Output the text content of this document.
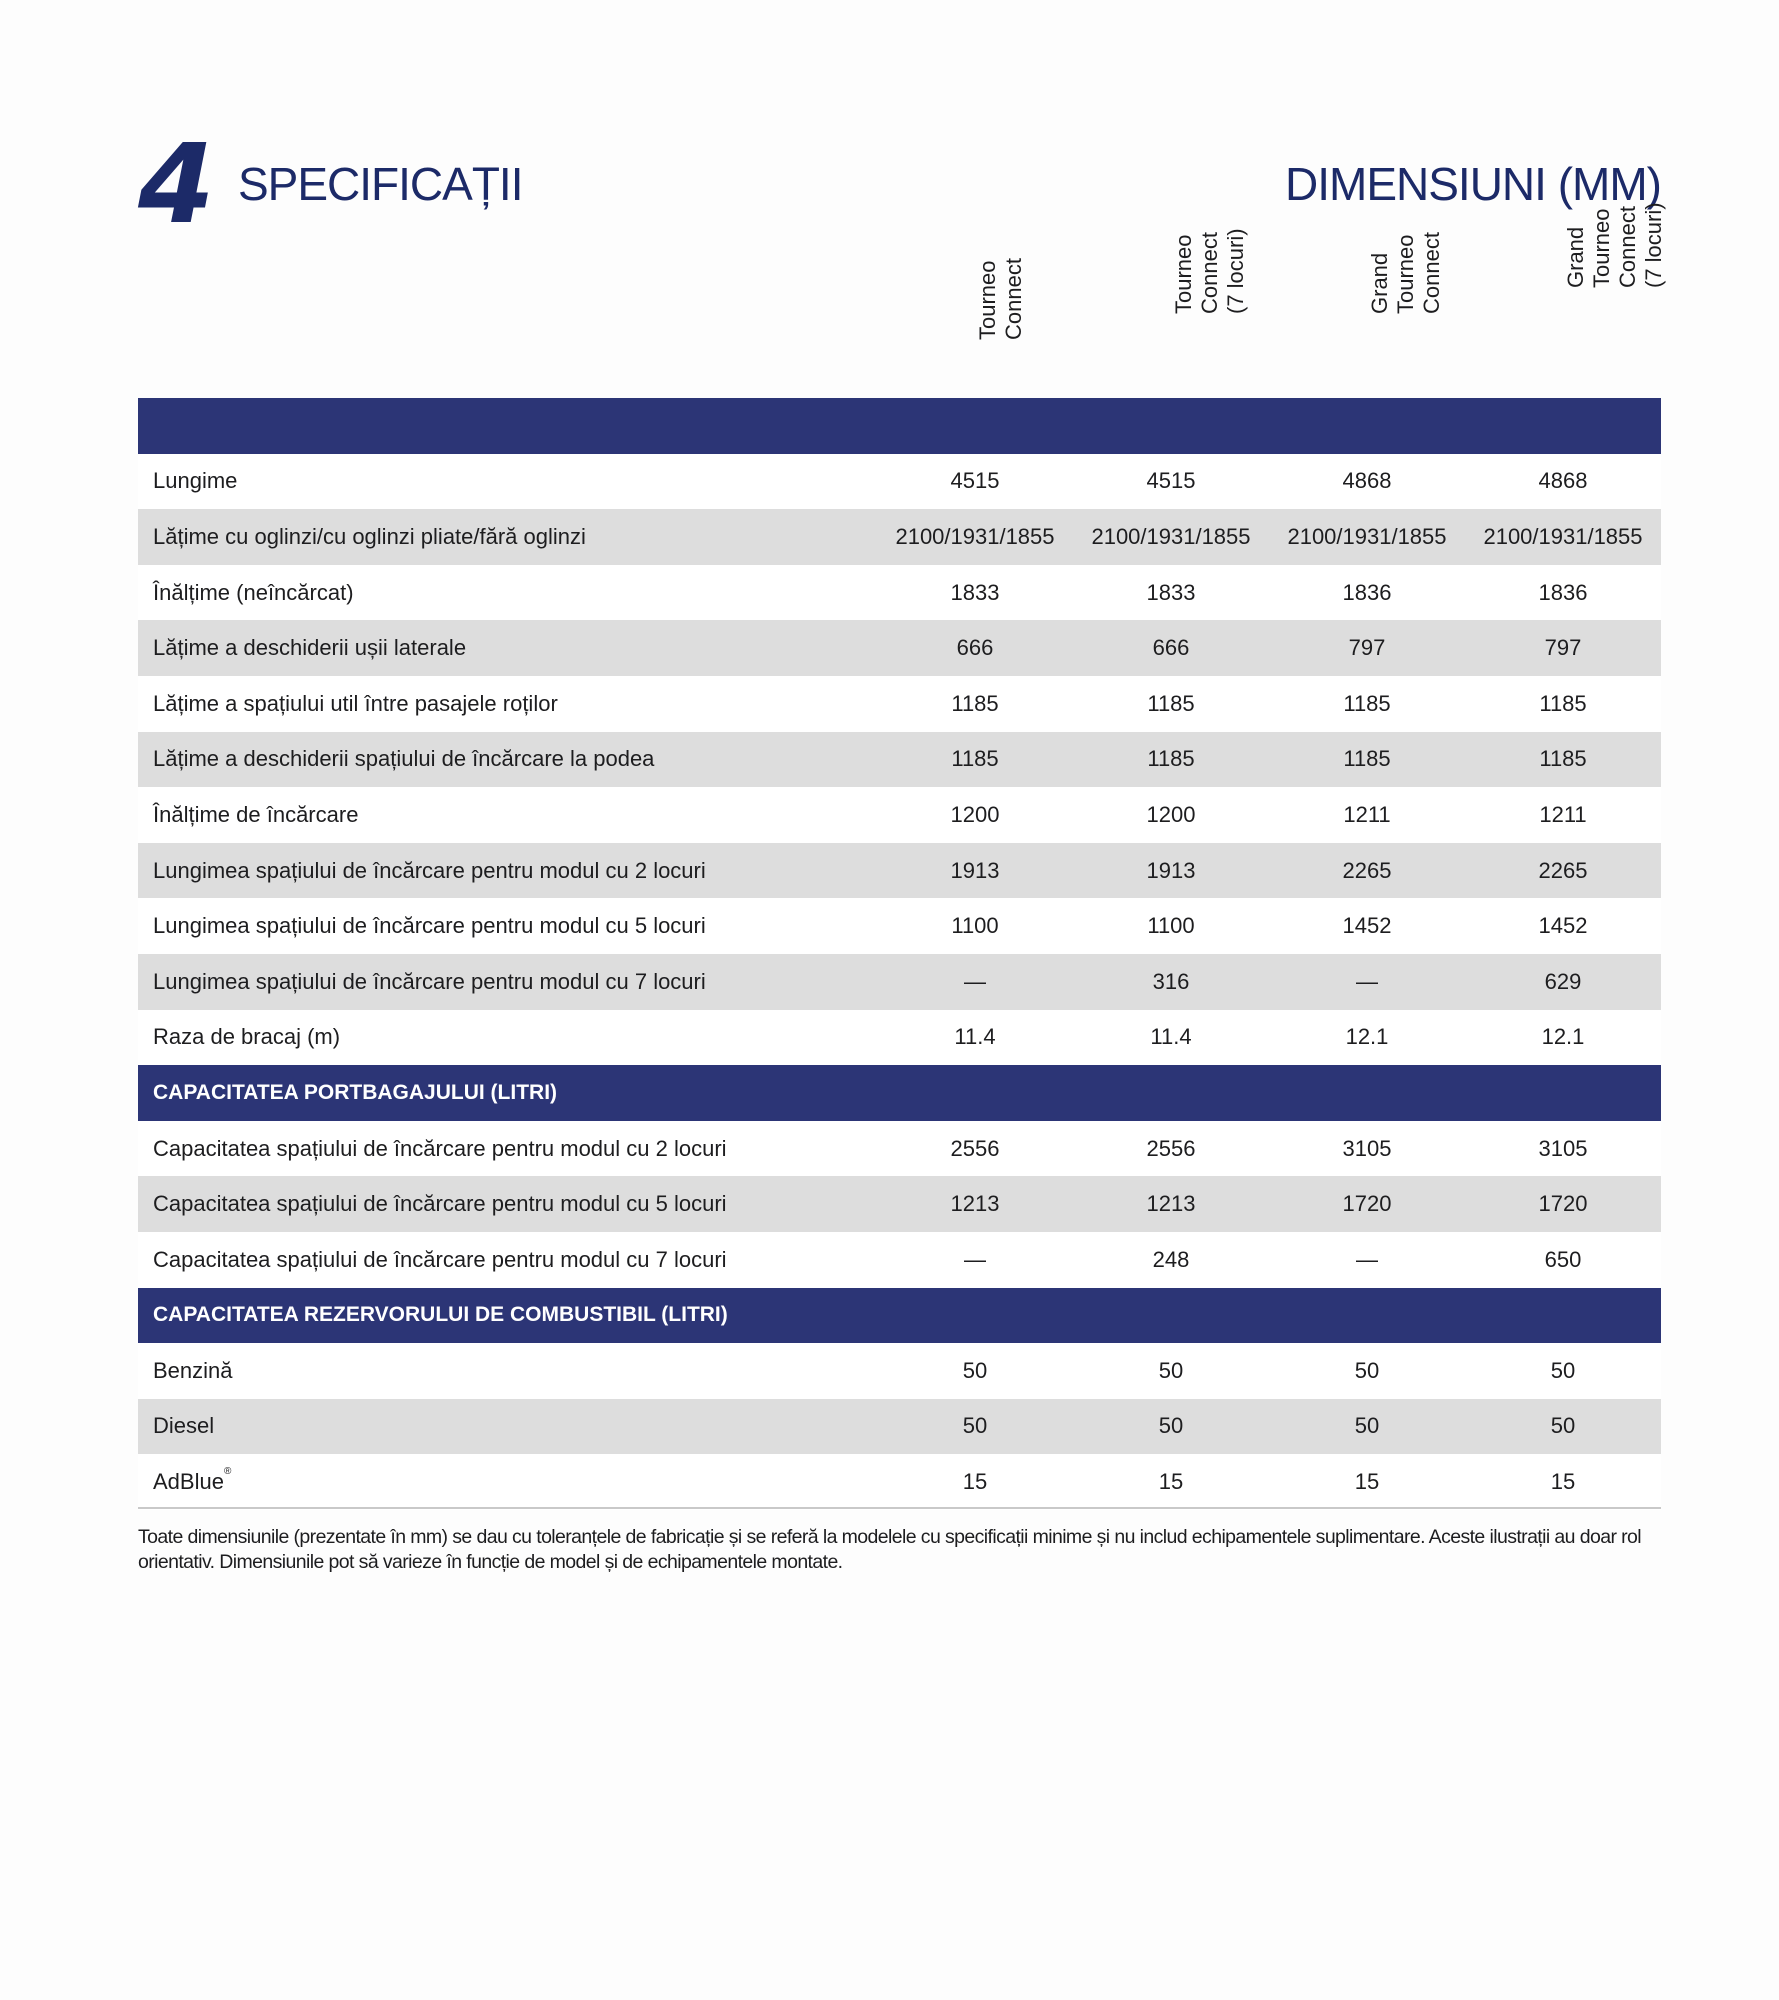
4 SPECIFICAȚII	DIMENSIUNI (MM)
Tourneo
Connect	Tourneo
Connect
(7 locuri)	Grand
Tourneo
Connect	Grand
Tourneo
Connect
(7 locuri)

Lungime	4515	4515	4868	4868
Lățime cu oglinzi/cu oglinzi pliate/fără oglinzi	2100/1931/1855	2100/1931/1855	2100/1931/1855	2100/1931/1855
Înălțime (neîncărcat)	1833	1833	1836	1836
Lățime a deschiderii ușii laterale	666	666	797	797
Lățime a spațiului util între pasajele roților	1185	1185	1185	1185
Lățime a deschiderii spațiului de încărcare la podea	1185	1185	1185	1185
Înălțime de încărcare	1200	1200	1211	1211
Lungimea spațiului de încărcare pentru modul cu 2 locuri	1913	1913	2265	2265
Lungimea spațiului de încărcare pentru modul cu 5 locuri	1100	1100	1452	1452
Lungimea spațiului de încărcare pentru modul cu 7 locuri	—	316	—	629
Raza de bracaj (m)	11.4	11.4	12.1	12.1
CAPACITATEA PORTBAGAJULUI (LITRI)				
Capacitatea spațiului de încărcare pentru modul cu 2 locuri	2556	2556	3105	3105
Capacitatea spațiului de încărcare pentru modul cu 5 locuri	1213	1213	1720	1720
Capacitatea spațiului de încărcare pentru modul cu 7 locuri	—	248	—	650
CAPACITATEA REZERVORULUI DE COMBUSTIBIL (LITRI)				
Benzină	50	50	50	50
Diesel	50	50	50	50
AdBlue®	15	15	15	15
Toate dimensiunile (prezentate în mm) se dau cu toleranțele de fabricație și se referă la modelele cu specificații minime și nu includ echipamentele suplimentare. Aceste ilustrații au doar rol orientativ. Dimensiunile pot să varieze în funcție de model și de echipamentele montate.
